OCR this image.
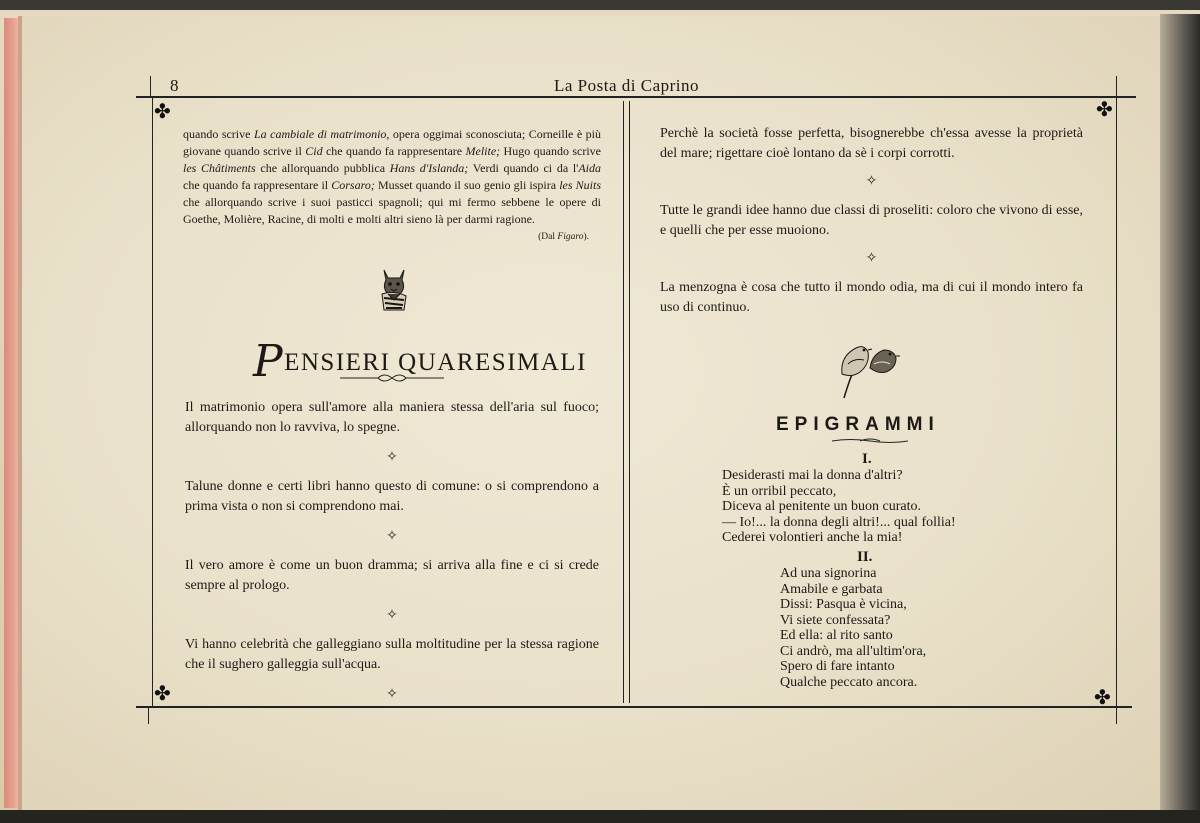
8	La Posta di Caprino
✤	✤
✤	✤
quando scrive La cambiale di matrimonio, opera oggimai sconosciuta; Corneille è più giovane quando scrive il Cid che quando fa rappresentare Melite; Hugo quando scrive les Châtiments che allorquando pubblica Hans d'Islanda; Verdi quando ci da l'Aida che quando fa rappresentare il Corsaro; Musset quando il suo genio gli ispira les Nuits che allorquando scrive i suoi pasticci spagnoli; qui mi fermo sebbene le opere di Goethe, Molière, Racine, di molti e molti altri sieno là per darmi ragione.
(Dal Figaro).
PENSIERI QUARESIMALI
Il matrimonio opera sull'amore alla maniera stessa dell'aria sul fuoco; allorquando non lo ravviva, lo spegne.
✧
Talune donne e certi libri hanno questo di comune: o si comprendono a prima vista o non si comprendono mai.
✧
Il vero amore è come un buon dramma; si arriva alla fine e ci si crede sempre al prologo.
✧
Vi hanno celebrità che galleggiano sulla moltitudine per la stessa ragione che il sughero galleggia sull'acqua.
✧
Perchè la società fosse perfetta, bisognerebbe ch'essa avesse la proprietà del mare; rigettare cioè lontano da sè i corpi corrotti.
✧
Tutte le grandi idee hanno due classi di proseliti: coloro che vivono di esse, e quelli che per esse muoiono.
✧
La menzogna è cosa che tutto il mondo odia, ma di cui il mondo intero fa uso di continuo.
EPIGRAMMI
I.
Desiderasti mai la donna d'altri?
È un orribil peccato,
Diceva al penitente un buon curato.
— Io!... la donna degli altri!... qual follia!
Cederei volontieri anche la mia!
II.
Ad una signorina
Amabile e garbata
Dissi: Pasqua è vicina,
Vi siete confessata?
Ed ella: al rito santo
Ci andrò, ma all'ultim'ora,
Spero di fare intanto
Qualche peccato ancora.
